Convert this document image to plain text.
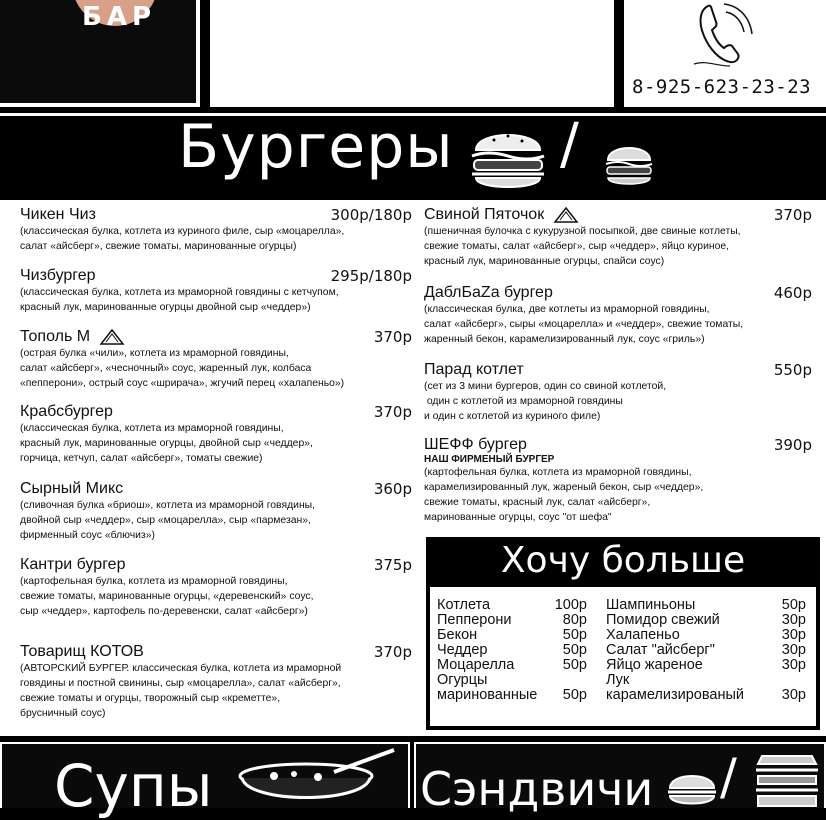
БАР
8-925-623-23-23
Бургеры /
Чикен Чиз	300р/180р
(классическая булка, котлета из куриного филе, сыр «моцарелла»,
салат «айсберг», свежие томаты, маринованные огурцы)
Чизбургер	295р/180р
(классическая булка, котлета из мраморной говядины с кетчупом,
красный лук, маринованные огурцы двойной сыр «чеддер»)
Тополь М	370р
(острая булка «чили», котлета из мраморной говядины,
салат «айсберг», «чесночный» соус, жаренный лук, колбаса
«пепперони», острый соус «шрирача», жгучий перец «халапеньо»)
Крабсбургер	370р
(классическая булка, котлета из мраморной говядины,
красный лук, маринованные огурцы, двойной сыр «чеддер»,
горчица, кетчуп, салат «айсберг», томаты свежие)
Сырный Микс	360р
(сливочная булка «бриош», котлета из мраморной говядины,
двойной сыр «чеддер», сыр «моцарелла», сыр «пармезан»,
фирменный соус «блючиз»)
Кантри бургер	375р
(картофельная булка, котлета из мраморной говядины,
свежие томаты, маринованные огурцы, «деревенский» соус,
сыр «чеддер», картофель по-деревенски, салат «айсберг»)
Товарищ КОТОВ	370р
(АВТОРСКИЙ БУРГЕР. классическая булка, котлета из мраморной
говядины и постной свинины, сыр «моцарелла», салат «айсберг»,
свежие томаты и огурцы, творожный сыр «креметте»,
брусничный соус)
Свиной Пяточок	370р
(пшеничная булочка с кукурузной посыпкой, две свиные котлеты,
свежие томаты, салат «айсберг», сыр «чеддер», яйцо куриное,
красный лук, маринованные огурцы, спайси соус)
ДаблБаZа бургер	460р
(классическая булка, две котлеты из мраморной говядины,
салат «айсберг», сыры «моцарелла» и «чеддер», свежие томаты,
жаренный бекон, карамелизированный лук, соус «гриль»)
Парад котлет	550р
(сет из 3 мини бургеров, один со свиной котлетой,
один с котлетой из мраморной говядины
и один с котлетой из куриного филе)
ШЕФФ бургер	390р
НАШ ФИРМЕНЫЙ БУРГЕР
(картофельная булка, котлета из мраморной говядины,
карамелизированный лук, жареный бекон, сыр «чеддер»,
свежие томаты, красный лук, салат «айсберг»,
маринованные огурцы, соус "от шефа"
Хочу больше
Котлета	100р
Пепперони	80р
Бекон	50р
Чеддер	50р
Моцарелла	50р
Огурцы
маринованные 50р
Шампиньоны	50р
Помидор свежий	30р
Халапеньо	30р
Салат "айсберг"	30р
Яйцо жареное	30р
Лук
карамелизированый	30р
Супы	Сэндвичи /
